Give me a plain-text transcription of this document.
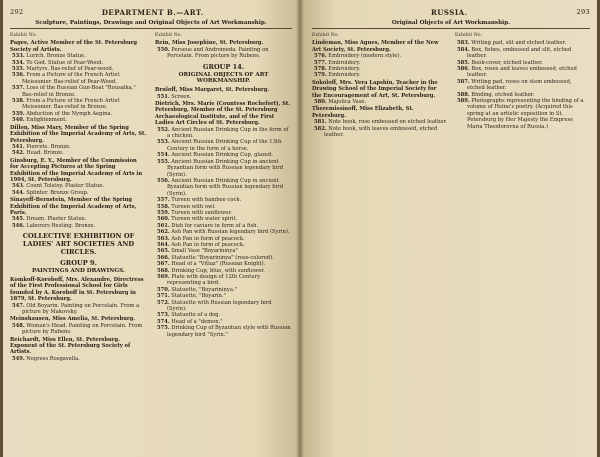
292	DEPARTMENT B.—ART.
Sculpture, Paintings, Drawings and Original Objects of Art Workmanship.
Exhibit No.
Pages, Active Member of the St. Petersburg Society of Artists.
533. Lurich. Bronze Statue.
534. To God. Statue of Pear-Wood.
535. Martyrs. Bas-relief of Pear-wood.
536. From a Picture of the French Artist Meissonier. Bas-relief of Pear-Wood.
537. Loss of the Russian Gun-Boat "Rousalka." Bas-relief in Bronze.
538. From a Picture of the French Artist Meissonier. Bas-relief in Bronze.
539. Abduction of the Nymph Aegina.
540. Enlightenment.
Dillon, Miss Mary, Member of the Spring Exhibition of the Imperial Academy of Arts, St. Petersburg.
541. Pierrets. Bronze.
542. Head. Bronze.
Ginsburg, E. Y., Member of the Commission for Accepting Pictures at the Spring Exhibition of the Imperial Academy of Arts in 1904, St. Petersburg.
543. Count Tolstoy. Plaster Statue.
544. Splinter. Bronze Group.
Sinayeff-Bernstein, Member of the Spring Exhibition of the Imperial Academy of Arts, Paris.
545. Dream. Plaster Statue.
546. Laborers Resting. Bronze.
COLLECTIVE EXHIBITION OF LADIES' ART SOCIETIES AND CIRCLES.
GROUP 9.
PAINTINGS AND DRAWINGS.
Komkoff-Koroboff, Mrs. Alexandre, Directress of the First Professional School for Girls founded by A. Koroboff in St. Petersburg in 1879, St. Petersburg.
547. Old Boyarin. Painting on Porcelain. From a picture by Makovsky.
Meinshausen, Miss Amelia, St. Petersburg.
548. Woman's Head. Painting on Porcelain. From picture by Rubens.
Reichardt, Miss Ellen, St. Petersburg. Exponent of the St. Petersburg Society of Artists.
549. Negress Rosgavella.
Exhibit No.
Rein, Miss Josephine, St. Petersburg.
550. Perseus and Andromeda. Painting on Porcelain. From picture by Rubens.
GROUP 14.
ORIGINAL OBJECTS OF ART WORKMANSHIP.
Bruloff, Miss Margaret, St. Petersburg.
551. Screen.
Dietrich, Mrs. Marie (Countess Rochefort), St. Petersburg, Member of the St. Petersburg Archaeological Institute, and of the First Ladies Art Circles of St. Petersburg.
552. Ancient Russian Drinking Cup in the form of a chicken.
553. Ancient Russian Drinking Cup of the 13th Century in the form of a horse.
554. Ancient Russian Drinking Cup, glazed.
555. Ancient Russian Drinking Cup in ancient Byzantian form with Russian legendary bird (Syrin).
556. Ancient Russian Drinking Cup in ancient Byzantian form with Russian legendary bird (Syrin).
557. Tureen with bamboo cock.
558. Tureen with owl.
559. Tureen with sunflower.
560. Tureen with water spirit.
561. Dish for caviare in form of a fish.
562. Ash Pan with Russian legendary bird (Syrin).
563. Ash Pan in form of peacock.
564. Ash Pan in form of peacock.
565. Small Vase "Boyarininya"
566. Statuette "Boyarininya" (rose-colored).
567. Head of a "Vitiaz" (Russian Knight).
568. Drinking Cup, blue, with sunflower.
569. Plate with design of 12th Century representing a bird.
570. Statuette, "Boyarininya."
571. Statuette, "Boyarin."
572. Statuette with Russian legendary bird (Syrin).
573. Statuette of a dog.
574. Head of a "demon."
575. Drinking Cup of Byzantian style with Russian legendary bird "Syrin."
RUSSIA.	293
Original Objects of Art Workmanship.
Exhibit No.
Lindeman, Miss Agnes, Member of the New Art Society, St. Petersburg.
576. Embroidery (modern style).
577. Embroidery.
578. Embroidery.
579. Embroidery.
Sokoloff, Mrs. Vera Lapshin, Teacher in the Drawing School of the Imperial Society for the Encouragement of Art, St. Petersburg.
580. Majolica Vase.
Theremissinoff, Miss Elizabeth, St. Petersburg.
581. Note book, rose embossed on etched leather.
582. Note book, with leaves embossed, etched leather.
Exhibit No.
583. Writing pad, slit and etched leather.
584. Box, fishes, embossed and slit, etched leather.
585. Book-cover, etched leather.
586. Box, roses and leaves embossed, etched leather.
587. Writing pad, roses on stem embossed, etched leather.
588. Binding, etched leather.
589. Photographs representing the binding of a volume of Heine's poetry. (Acquired this spring at an artistic exposition in St. Petersburg by Her Majesty the Empress Maria Theodorovna of Russia.)
